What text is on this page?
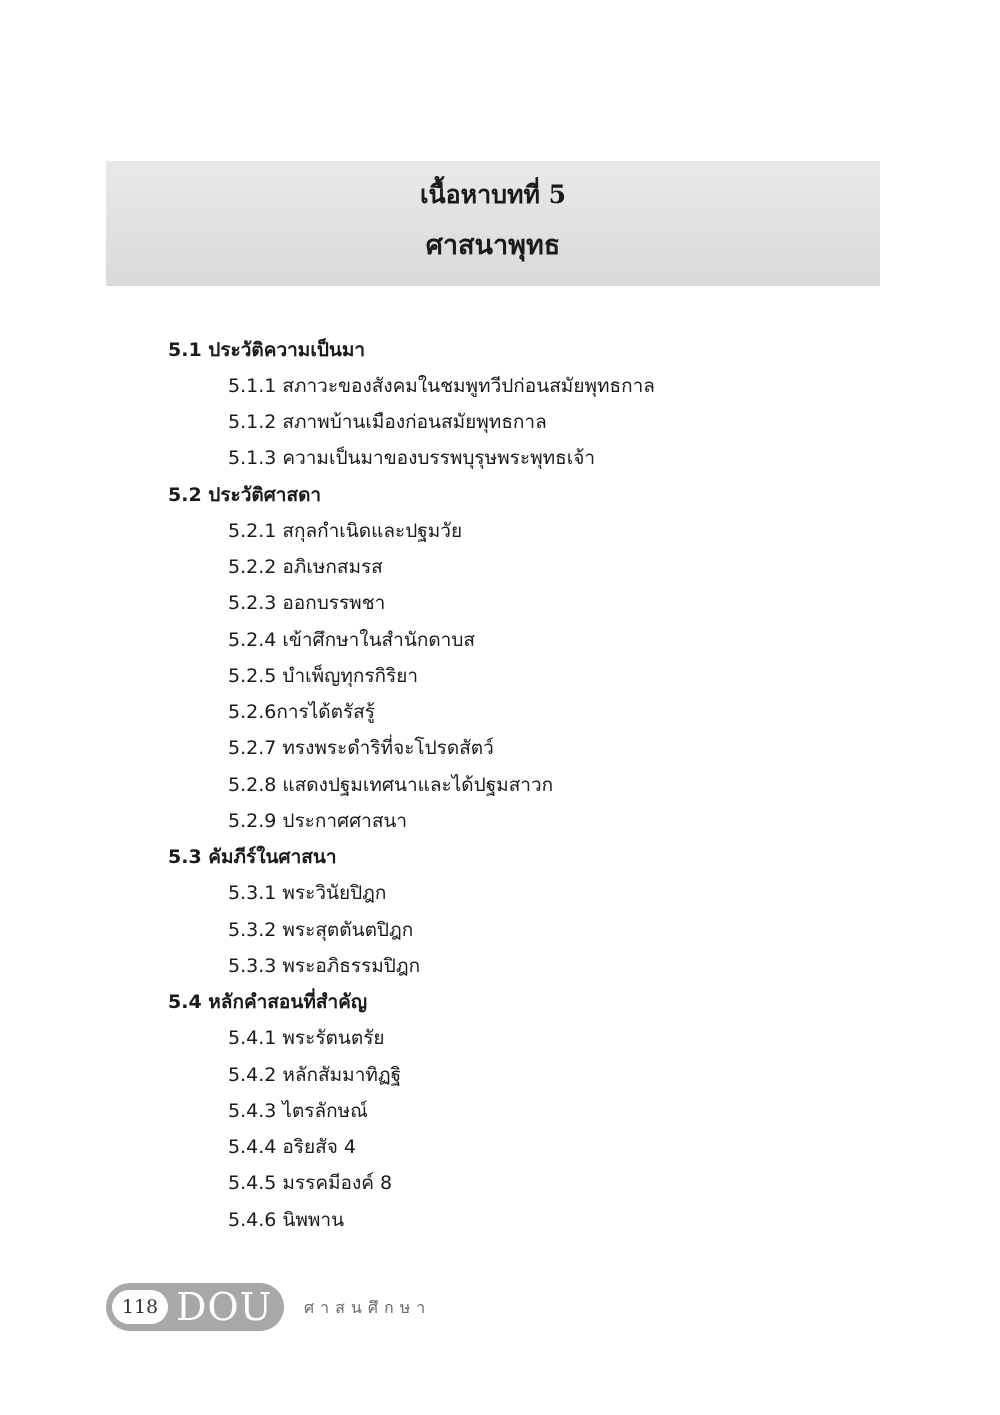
เนื้อหาบทที่ 5
ศาสนาพุทธ
5.1 ประวัติความเป็นมา
5.1.1 สภาวะของสังคมในชมพูทวีปก่อนสมัยพุทธกาล
5.1.2 สภาพบ้านเมืองก่อนสมัยพุทธกาล
5.1.3 ความเป็นมาของบรรพบุรุษพระพุทธเจ้า
5.2 ประวัติศาสดา
5.2.1 สกุลกำเนิดและปฐมวัย
5.2.2 อภิเษกสมรส
5.2.3 ออกบรรพชา
5.2.4 เข้าศึกษาในสำนักดาบส
5.2.5 บำเพ็ญทุกรกิริยา
5.2.6การได้ตรัสรู้
5.2.7 ทรงพระดำริที่จะโปรดสัตว์
5.2.8 แสดงปฐมเทศนาและได้ปฐมสาวก
5.2.9 ประกาศศาสนา
5.3 คัมภีร์ในศาสนา
5.3.1 พระวินัยปิฎก
5.3.2 พระสุตตันตปิฎก
5.3.3 พระอภิธรรมปิฎก
5.4 หลักคำสอนที่สำคัญ
5.4.1 พระรัตนตรัย
5.4.2 หลักสัมมาทิฏฐิ
5.4.3 ไตรลักษณ์
5.4.4 อริยสัจ 4
5.4.5 มรรคมีองค์ 8
5.4.6 นิพพาน
118 DOU ศาสนศึกษา
